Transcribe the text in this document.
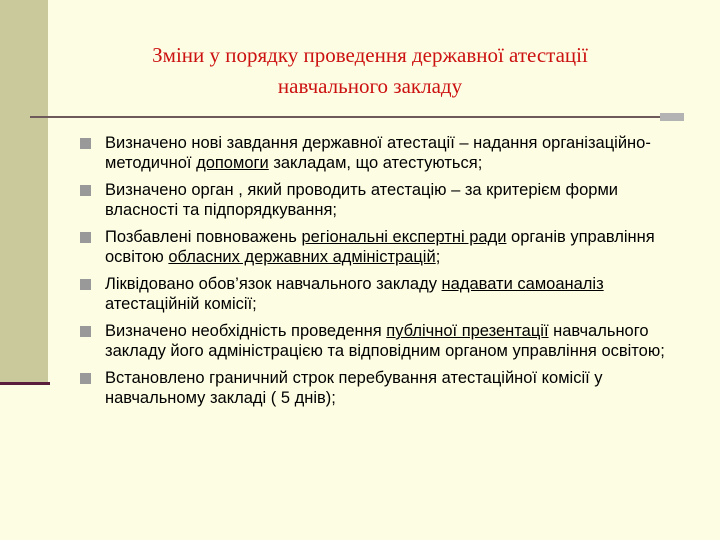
Зміни у порядку проведення державної атестації
навчального закладу
Визначено нові завдання державної атестації – надання організаційно-методичної допомоги закладам, що атестуються;
Визначено орган , який проводить атестацію – за критерієм форми власності та підпорядкування;
Позбавлені повноважень регіональні експертні ради органів управління освітою обласних державних адміністрацій;
Ліквідовано обов’язок навчального закладу надавати самоаналіз атестаційній комісії;
Визначено необхідність проведення публічної презентації навчального закладу його адміністрацією та відповідним органом управління освітою;
Встановлено граничний строк перебування атестаційної комісії у навчальному закладі ( 5 днів);
